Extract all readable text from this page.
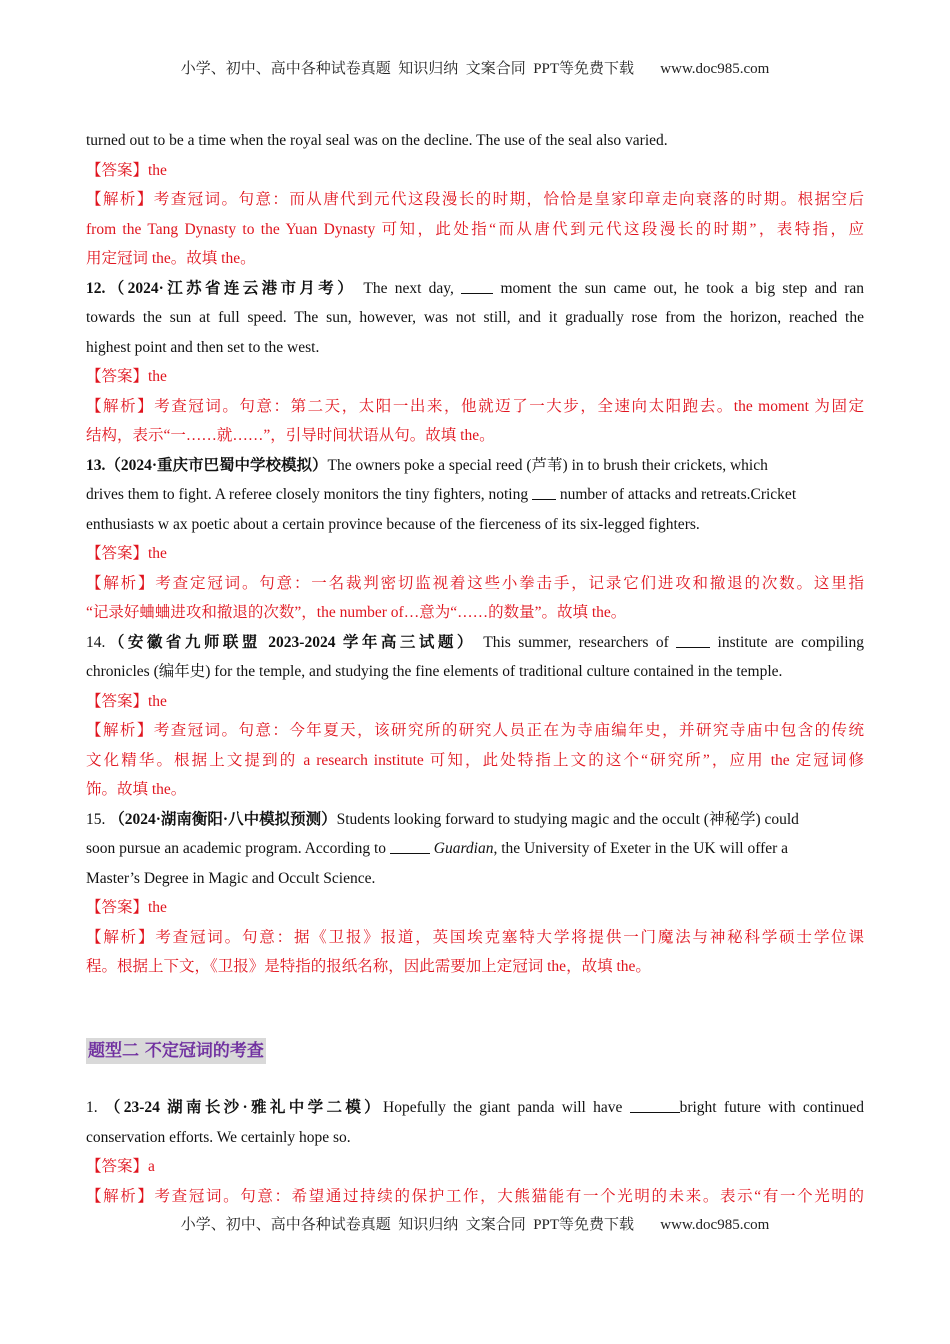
小学、初中、高中各种试卷真题  知识归纳  文案合同  PPT等免费下载       www.doc985.com
turned out to be a time when the royal seal was on the decline. The use of the seal also varied.
【答案】the
【解析】考查冠词。句意：而从唐代到元代这段漫长的时期，恰恰是皇家印章走向衰落的时期。根据空后
from the Tang Dynasty to the Yuan Dynasty 可知，此处指“而从唐代到元代这段漫长的时期”，表特指，应
用定冠词 the。故填 the。
12.（2024·江苏省连云港市月考） The next day,	moment the sun came out, he took a big step and ran
towards the sun at full speed. The sun, however, was not still, and it gradually rose from the horizon, reached the
highest point and then set to the west.
【答案】the
【解析】考查冠词。句意：第二天，太阳一出来，他就迈了一大步，全速向太阳跑去。the moment 为固定
结构，表示“一……就……”，引导时间状语从句。故填 the。
13.（2024·重庆市巴蜀中学校模拟）The owners poke a special reed (芦苇) in to brush their crickets, which
drives them to fight. A referee closely monitors the tiny fighters, noting number of attacks and retreats.Cricket
enthusiasts w ax poetic about a certain province because of the fierceness of its six-legged fighters.
【答案】the
【解析】考查定冠词。句意：一名裁判密切监视着这些小拳击手，记录它们进攻和撤退的次数。这里指
“记录好蛐蛐进攻和撤退的次数”，the number of…意为“……的数量”。故填 the。
14.（安徽省九师联盟 2023-2024 学年高三试题） This summer, researchers of	institute are compiling
chronicles (编年史) for the temple, and studying the fine elements of traditional culture contained in the temple.
【答案】the
【解析】考查冠词。句意：今年夏天，该研究所的研究人员正在为寺庙编年史，并研究寺庙中包含的传统
文化精华。根据上文提到的 a research institute 可知，此处特指上文的这个“研究所”，应用 the 定冠词修
饰。故填 the。
15. （2024·湖南衡阳·八中模拟预测）Students looking forward to studying magic and the occult (神秘学) could
soon pursue an academic program. According to	Guardian, the University of Exeter in the UK will offer a
Master’s Degree in Magic and Occult Science.
【答案】the
【解析】考查冠词。句意：据《卫报》报道，英国埃克塞特大学将提供一门魔法与神秘科学硕士学位课
程。根据上下文，《卫报》是特指的报纸名称，因此需要加上定冠词 the，故填 the。
题型二 不定冠词的考查
1. （23-24 湖南长沙·雅礼中学二模）Hopefully the giant panda will have	bright future with continued
conservation efforts. We certainly hope so.
【答案】a
【解析】考查冠词。句意：希望通过持续的保护工作，大熊猫能有一个光明的未来。表示“有一个光明的
小学、初中、高中各种试卷真题  知识归纳  文案合同  PPT等免费下载       www.doc985.com
